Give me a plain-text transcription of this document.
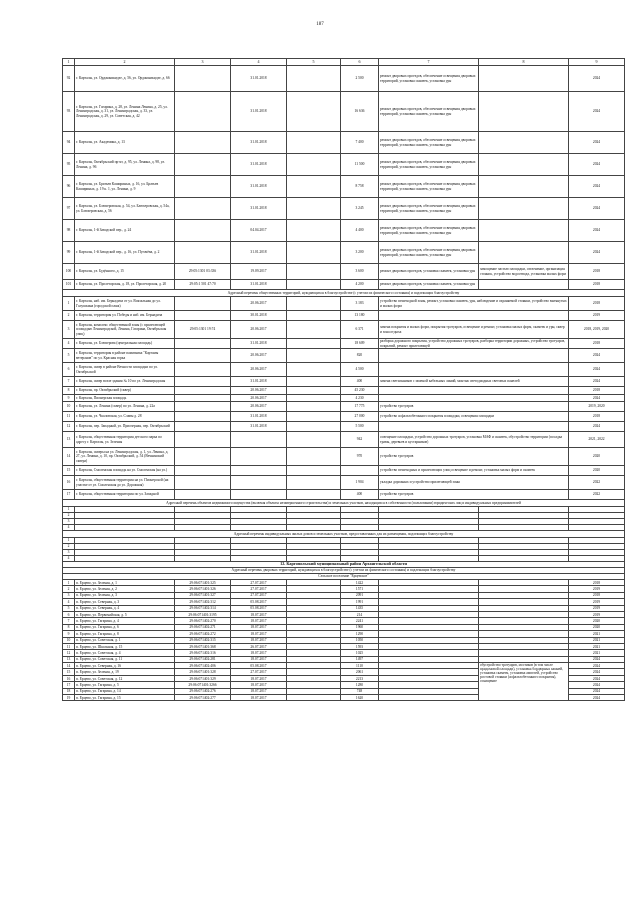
187
1	2	3	4	5	6	7	8	9
92	г. Карталы, ул. Орджоникидзе, д. 56, ул. Орджоникидзе, д. 66		31.01.2018		2 500	ремонт дворовых проездов, обеспечение освещения дворовых территорий, установка скамеек, установка урн		2024
93	г. Карталы, ул. Гагарина, д. 28, ул. Ленина Ленина, д. 25, ул. Ленинградская, д. 31, ул. Ленинградская, д. 33, ул. Ленинградская, д. 29, ул. Советская, д. 42		31.01.2018		16 636	ремонт дворовых проездов, обеспечение освещения дворовых территорий, установка скамеек, установка урн		2024
94	г. Карталы, ул. Академика, д. 13		31.01.2018		7 400	ремонт дворовых проездов, обеспечение освещения дворовых территорий, установка скамеек, установка урн		2024
95	г. Карталы, Октябрьский пр-кт, д. 95, ул. Ленина, д. 98, ул. Ленина, д. 96		31.01.2018		11 500	ремонт дворовых проездов, обеспечение освещения дворовых территорий, установка скамеек, установка урн		2024
96	г. Карталы, ул. Братьев Кашириных, д. 16, ул. Братьев Кашириных, д. 19 к. 1, ул. Ленина, д. 9		31.01.2018		8 758	ремонт дворовых проездов, обеспечение освещения дворовых территорий, установка скамеек, установка урн		2024
97	г. Карталы, ул. Блюхеровская, д. 54, ул. Блюхеровская, д. 54а, ул. Блюхеровская, д. 56		31.01.2018		3 245	ремонт дворовых проездов, обеспечение освещения дворовых территорий, установка скамеек, установка урн		2024
98	г. Карталы, 1-й Заводской пер., д. 24		04.04.2017		4 400	ремонт дворовых проездов, обеспечение освещения дворовых территорий, установка скамеек, установка урн		2024
99	г. Карталы, 1-й Заводской пер., д. 16, ул. Пугачёва, д. 2		31.01.2018		3 200	ремонт дворовых проездов, обеспечение освещения дворовых территорий, установка скамеек, установка урн		2024
100	г. Карталы, ул. Будённого, д. 15	29:05:1301 03:336	19.09.2017		3 600	ремонт дворовых проездов, установка скамеек, установка урн	замощение частью площадки, озеленение, организация стоянок, устройство водоотвода, установка малых форм	2018
101	г. Карталы, ул. Пролетарская, д. 18, ул. Пролетарская, д. 20	29:05:1 501 47:70	31.01.2018		4 200	ремонт дворовых проездов, установка скамеек, установка урн		2018
Адресный перечень общественных территорий, нуждающихся в благоустройстве (с учетом их физического состояния) и подлежащих благоустройству								
1	г. Карталы, наб. им. Бернадича от ул. Вокзальная до ул. Галушкина (городской пляж)		20.06.2017		3 183	устройство пешеходной зоны, ремонт, установка скамеек, урн, наблюдение и охраняемой стоянки, устройство вытянутых и малых форм		2018
2	г. Карталы, территория ул. Победы и наб. им. Бернадича		30.01.2018		13 180			2019
3	г. Карталы, комплекс общественной зоны (с прилегающей площадью Ленинградской, Ленина, Гагарина, Октябрьская улиц)	29:05:1301 19:74	20.06.2017		6 371	замена покрытия и малых форм, покрытия тротуаров, освещение и ремонт, установка малых форм, скамеек и урн, сквер и зона отдыха		2018, 2019, 2020
4	г. Карталы, ул. Блюхерова (центральная площадь)		31.01.2018		18 609	разборка дорожного покрытия, устройство дорожных тротуаров, разборка территории дорожных, устройство тротуаров, покрытий, ремонт прилегающей		2018
5	г. Карталы, территория в районе памятника "Картамы ветеранов" по ул. Красная горка		20.06.2017		820			2024
6	г. Карталы, сквер в районе Вечности площадки по ул. Октябрьской		20.06.2017		4 500			2024
7	г. Карталы, сквер возле здания № 10 по ул. Ленинградская		31.01.2018		400	замена светильников с заменой кабельных линий, монтаж светодиодных световых панелей		2024
8	г. Карталы, пр. Октябрьский (сквер)		20.06.2017		45 230			2018
9	г. Карталы, Пионерская площадь		20.06.2017		4 230			2024
10	г. Карталы, ул. Ленина (сквер) по ул. Ленина, д. 22а		20.06.2017		17 775	устройство тротуаров		2019, 2020
11	г. Карталы, ул. Чкаловская, ул. Славы д. 28		31.01.2018		27 000	устройство асфальтобетонного покрытия площадки, освещения площадки		2018
12	г. Карталы, пер. Западный, ул. Приозерная, пер. Октябрьский		31.01.2018		5 500			2024
13	г. Карталы, общественная территория детского парка по адресу г. Карталы, ул. Зеленая				942	освещение площадки, устройство дорожных тротуаров, установка МАФ и скамеек, обустройство территории (посадка травы, деревьев и кустарников)		2021, 2022
14	г. Карталы, скверы на ул. Ленинградская, д. 1, ул. Ленина, д. 27, ул. Ленина, д. 10, пр. Октябрьский, д. 54 (Вечнинский сквера)				970	устройство тротуаров		2020
15	г. Карталы, Смоленская площадь на ул. Смоленская (на ул.)					устройство пешеходных и прилегающих улиц освещение и ремонт, установка малых форм и скамеек		2020
16	г. Карталы, общественная территория на ул. Пионерской (на участке от ул. Смоленская до ул. Дорожная)				1 904	укладка дорожных и устройство прилегающей зоны		2022
17	г. Карталы, общественная территория по ул. Западной				400	устройство тротуаров		2022
Адресный перечень объектов недвижимого имущества (включая объекты незавершенного строительства) и земельных участков, находящихся в собственности (пользовании) юридических лиц и индивидуальных предпринимателей								
1								
2								
3								
4								
Адресный перечень индивидуальных жилых домов и земельных участков, предоставленных для их размещения, подлежащих благоустройству								
1								
2								
3								
4								
12. Каргопольский муниципальный район Архангельской области								
Адресный перечень дворовых территорий, нуждающихся в благоустройстве (с учетом их физического состояния) и подлежащих благоустройству								
Сельское поселение "Ерцевское"								
1	п. Ерцево, ул. Зеленая, д. 1	29:06:071401:325	27.07.2017		1422			2018
2	п. Ерцево, ул. Зеленая, д. 2	29:06:071401:326	27.07.2017		1571			2019
3	п. Ерцево, ул. Зеленая, д. 3	29:06:071401:327	27.07.2017		2091			2018
4	п. Ерцево, ул. Северная, д. 3	29:06:071402:312	05.08.2017		1991			2019
5	п. Ерцево, ул. Северная, д. 4	29:06:071402:314	05.08.2017		1435			2019
6	п. Ерцево, ул. Первомайская, д. 5	29:06:071401:3195	18.07.2017		214			2019
7	п. Ерцево, ул. Гагарина, д. 4	29:06:071402:270	18.07.2017		2241			2020
8	п. Ерцево, ул. Гагарина, д. 6	29:06:071402:271	18.07.2017		1960			2020
9	п. Ерцево, ул. Гагарина, д. 8	29:06:071402:272	18.07.2017		1290			2021
10	п. Ерцево, ул. Советская, д. 1	29:06:071402:315	18.07.2017		1050			2021
11	п. Ерцево, ул. Школьная, д. 15	29:06:071401:368	26.07.2017		1593			2021
12	п. Ерцево, ул. Советская, д. 4	29:06:071402:316	18.07.2017		1025			2021
13	п. Ерцево, ул. Советская, д. 11	29:06:071402:281	18.07.2017		1497			2024
14	п. Ерцево, ул. Северная, д. 16	29:06:071402:406	05.08.2017		1110		обустройство тротуаров, мостиков (в том числе придомовой площади), установка бордюрных камней, установка скамеек, установка ампелей, устройство ростовой стоянки (асфальтобетонного покрытия), оснащение	2024
15	п. Ерцево, ул. Зеленая, д. 19	29:06:071401:328	27.07.2017		2061			2024
16	п. Ерцево, ул. Советская, д. 12	29:06:071401:329	18.07.2017		2213			2024
17	п. Ерцево, ул. Гагарина, д. 5	29:06:071401:3266	18.07.2017		1280			2024
18	п. Ерцево, ул. Гагарина, д. 14	29:06:071402:276	18.07.2017		748			2024
19	п. Ерцево, ул. Гагарина, д. 15	29:06:071402:277	18.07.2017		1620			2024
